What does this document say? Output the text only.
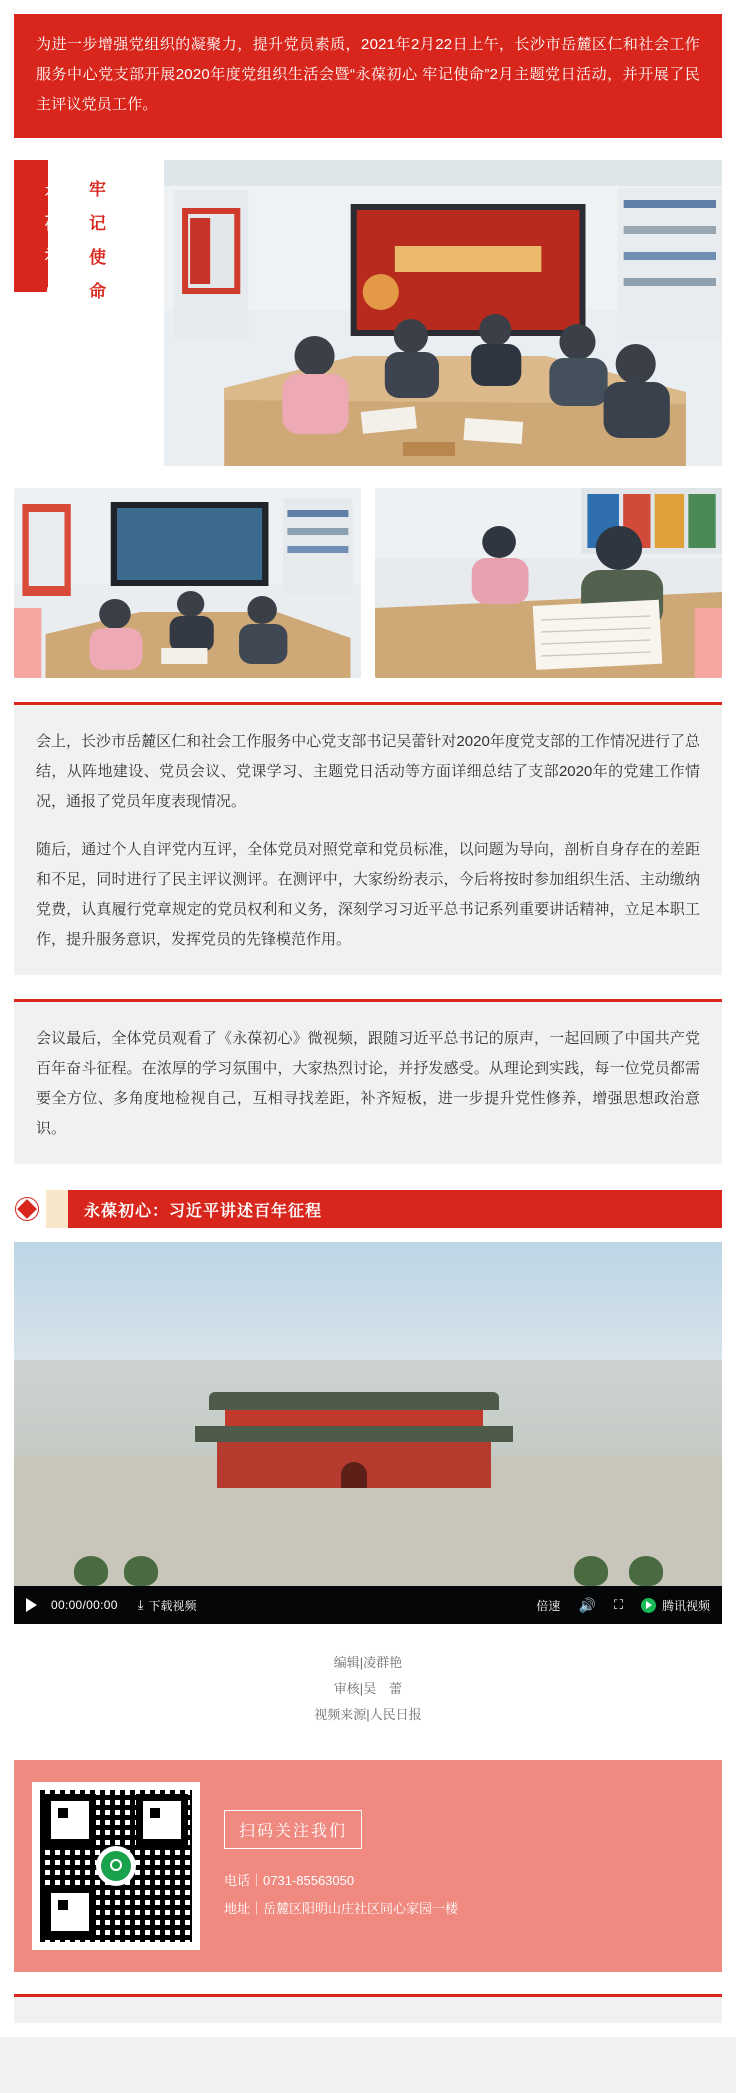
为进一步增强党组织的凝聚力，提升党员素质，2021年2月22日上午，长沙市岳麓区仁和社会工作服务中心党支部开展2020年度党组织生活会暨“永葆初心 牢记使命”2月主题党日活动，并开展了民主评议党员工作。
永 牢
葆 记
初 使
心 命

会上，长沙市岳麓区仁和社会工作服务中心党支部书记吴蕾针对2020年度党支部的工作情况进行了总结，从阵地建设、党员会议、党课学习、主题党日活动等方面详细总结了支部2020年的党建工作情况，通报了党员年度表现情况。

随后，通过个人自评党内互评，全体党员对照党章和党员标准，以问题为导向，剖析自身存在的差距和不足，同时进行了民主评议测评。在测评中，大家纷纷表示，今后将按时参加组织生活、主动缴纳党费，认真履行党章规定的党员权利和义务，深刻学习习近平总书记系列重要讲话精神，立足本职工作，提升服务意识，发挥党员的先锋模范作用。

会议最后，全体党员观看了《永葆初心》微视频，跟随习近平总书记的原声，一起回顾了中国共产党百年奋斗征程。在浓厚的学习氛围中，大家热烈讨论，并抒发感受。从理论到实践，每一位党员都需要全方位、多角度地检视自己，互相寻找差距，补齐短板，进一步提升党性修养，增强思想政治意识。

永葆初心：习近平讲述百年征程
00:00/00:00 ⤓ 下载视频	倍速 🔊 ⛶	腾讯视频
编辑|凌群艳
审核|吴　蕾
视频来源|人民日报
扫码关注我们
电话｜0731-85563050
地址｜岳麓区阳明山庄社区同心家园一楼
